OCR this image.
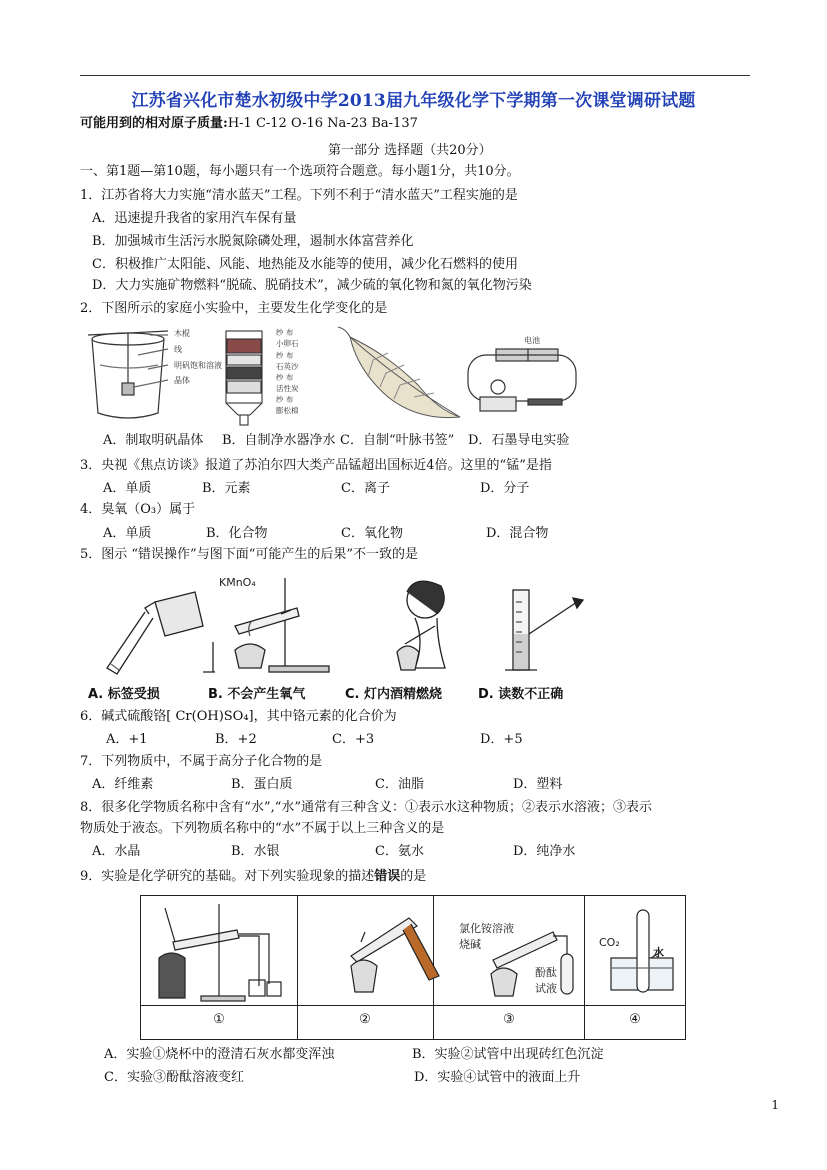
江苏省兴化市楚水初级中学2013届九年级化学下学期第一次课堂调研试题
可能用到的相对原子质量:H-1 C-12 O-16 Na-23 Ba-137
第一部分 选择题（共20分）
一、第1题—第10题，每小题只有一个选项符合题意。每小题1分，共10分。
1．江苏省将大力实施“清水蓝天”工程。下列不利于“清水蓝天”工程实施的是
A．迅速提升我省的家用汽车保有量
B．加强城市生活污水脱氮除磷处理，遏制水体富营养化
C．积极推广太阳能、风能、地热能及水能等的使用，减少化石燃料的使用
D．大力实施矿物燃料“脱硫、脱硝技术”，减少硫的氧化物和氮的氧化物污染
2．下图所示的家庭小实验中，主要发生化学变化的是
木棍
线
明矾饱和溶液
晶体
纱 布
小卵石
纱 布
石英沙
纱 布
活性炭
纱 布
膨松棉
电池
A．制取明矾晶体 B．自制净水器净水 C．自制“叶脉书签” D．石墨导电实验
3．央视《焦点访谈》报道了苏泊尔四大类产品锰超出国标近4倍。这里的“锰”是指
A．单质	B．元素	C．离子	D．分子
4．臭氧（O₃）属于
A．单质	B．化合物	C．氧化物	D．混合物
5．图示 “错误操作”与图下面“可能产生的后果”不一致的是
KMnO₄
A. 标签受损	B. 不会产生氧气	C. 灯内酒精燃烧	D. 读数不正确
6．碱式硫酸铬[ Cr(OH)SO₄]，其中铬元素的化合价为
A．+1	B．+2	C．+3	D．+5
7．下列物质中，不属于高分子化合物的是
A．纤维素	B．蛋白质	C．油脂	D．塑料
8．很多化学物质名称中含有“水”,“水”通常有三种含义：①表示水这种物质；②表示水溶液；③表示
物质处于液态。下列物质名称中的“水”不属于以上三种含义的是
A．水晶	B．水银	C．氨水	D．纯净水
9．实验是化学研究的基础。对下列实验现象的描述错误的是
氯化铵溶液
烧碱
酚酞
试液
CO₂
水
①	②	③	④
A．实验①烧杯中的澄清石灰水都变浑浊	B．实验②试管中出现砖红色沉淀
C．实验③酚酞溶液变红	D．实验④试管中的液面上升
1
